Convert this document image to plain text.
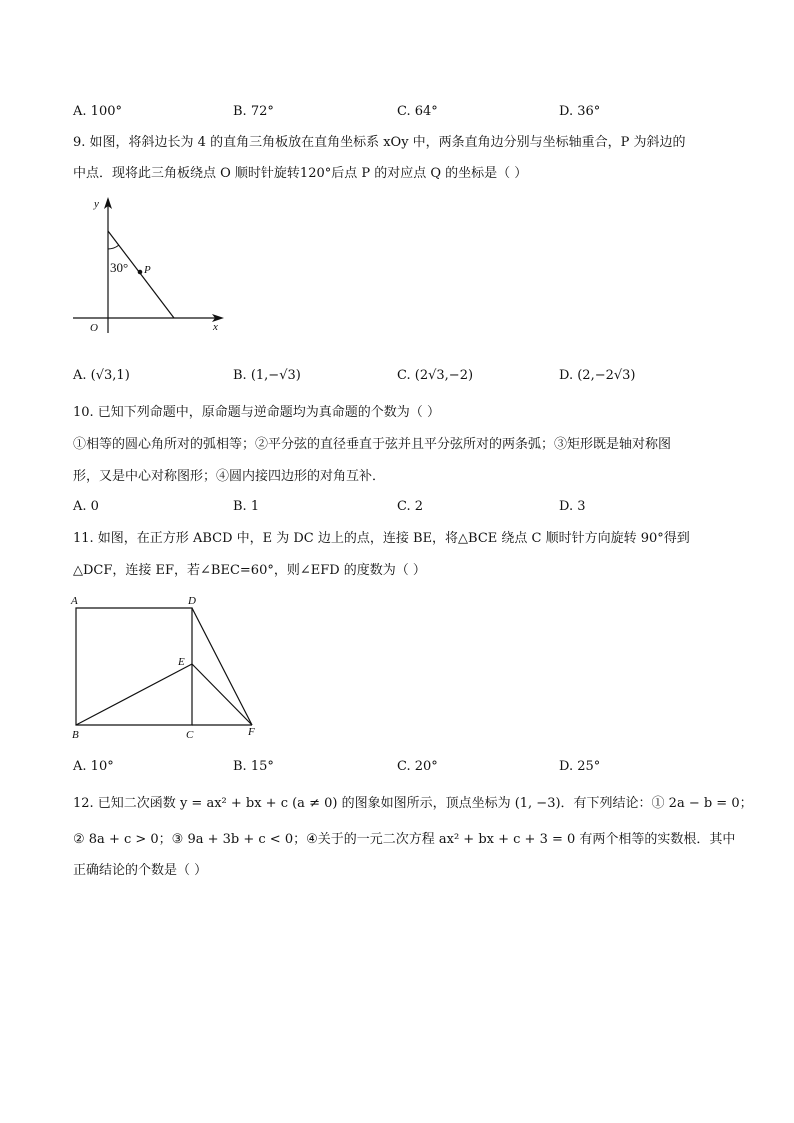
A. 100°	B. 72°	C. 64°	D. 36°
9. 如图，将斜边长为 4 的直角三角板放在直角坐标系 xOy 中，两条直角边分别与坐标轴重合，P 为斜边的
中点．现将此三角板绕点 O 顺时针旋转120°后点 P 的对应点 Q 的坐标是（ ）
y
x
O
30° P
A. (√3,1)	B. (1,−√3)	C. (2√3,−2)	D. (2,−2√3)
10. 已知下列命题中，原命题与逆命题均为真命题的个数为（ ）
①相等的圆心角所对的弧相等；②平分弦的直径垂直于弦并且平分弦所对的两条弧；③矩形既是轴对称图
形，又是中心对称图形；④圆内接四边形的对角互补．
A. 0	B. 1	C. 2	D. 3
11. 如图，在正方形 ABCD 中，E 为 DC 边上的点，连接 BE，将△BCE 绕点 C 顺时针方向旋转 90°得到
△DCF，连接 EF，若∠BEC=60°，则∠EFD 的度数为（ ）
A	D
E
B	C	F
A. 10°	B. 15°	C. 20°	D. 25°
12. 已知二次函数 y = ax² + bx + c (a ≠ 0) 的图象如图所示，顶点坐标为 (1, −3)．有下列结论：① 2a − b = 0；
② 8a + c > 0；③ 9a + 3b + c < 0；④关于的一元二次方程 ax² + bx + c + 3 = 0 有两个相等的实数根．其中
正确结论的个数是（ ）
